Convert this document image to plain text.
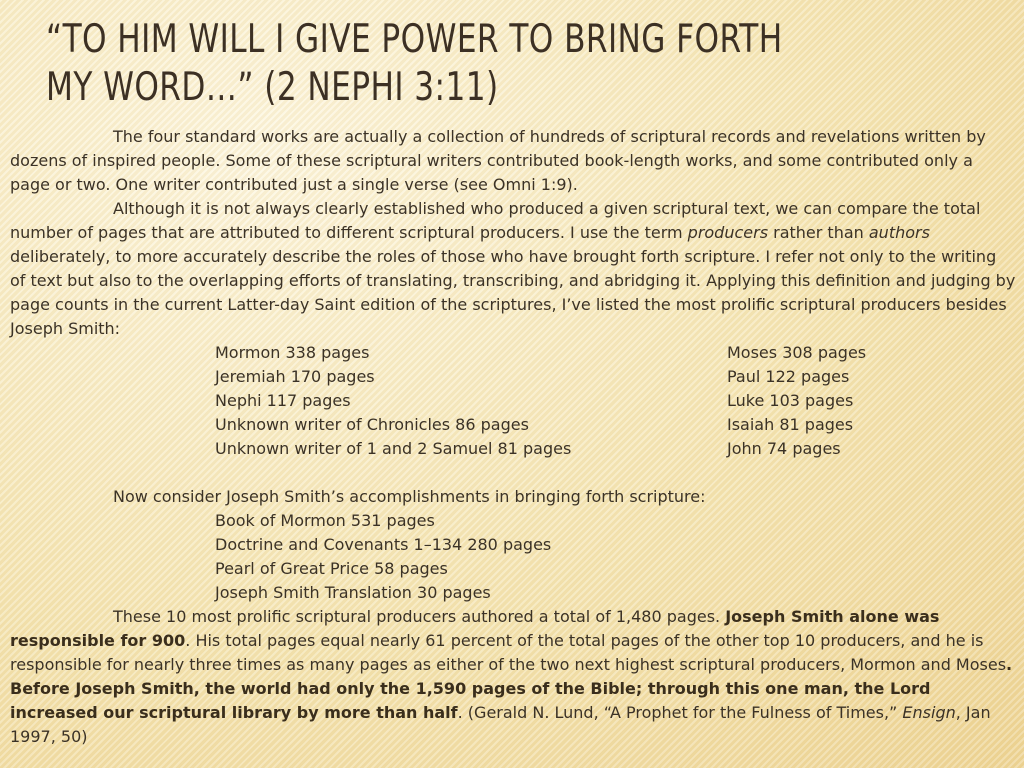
“TO HIM WILL I GIVE POWER TO BRING FORTH
MY WORD…” (2 NEPHI 3:11)

The four standard works are actually a collection of hundreds of scriptural records and revelations written by dozens of inspired people. Some of these scriptural writers contributed book-length works, and some contributed only a page or two. One writer contributed just a single verse (see Omni 1:9).

Although it is not always clearly established who produced a given scriptural text, we can compare the total number of pages that are attributed to different scriptural producers. I use the term producers rather than authors deliberately, to more accurately describe the roles of those who have brought forth scripture. I refer not only to the writing of text but also to the overlapping efforts of translating, transcribing, and abridging it. Applying this definition and judging by page counts in the current Latter-day Saint edition of the scriptures, I’ve listed the most prolific scriptural producers besides Joseph Smith:

Mormon 338 pages	Moses 308 pages
Jeremiah 170 pages	Paul 122 pages
Nephi 117 pages	Luke 103 pages
Unknown writer of Chronicles 86 pages	Isaiah 81 pages
Unknown writer of 1 and 2 Samuel 81 pages	John 74 pages
Now consider Joseph Smith’s accomplishments in bringing forth scripture:
Book of Mormon 531 pages
Doctrine and Covenants 1–134 280 pages
Pearl of Great Price 58 pages
Joseph Smith Translation 30 pages

These 10 most prolific scriptural producers authored a total of 1,480 pages. Joseph Smith alone was responsible for 900. His total pages equal nearly 61 percent of the total pages of the other top 10 producers, and he is responsible for nearly three times as many pages as either of the two next highest scriptural producers, Mormon and Moses. Before Joseph Smith, the world had only the 1,590 pages of the Bible; through this one man, the Lord increased our scriptural library by more than half. (Gerald N. Lund, “A Prophet for the Fulness of Times,” Ensign, Jan 1997, 50)
